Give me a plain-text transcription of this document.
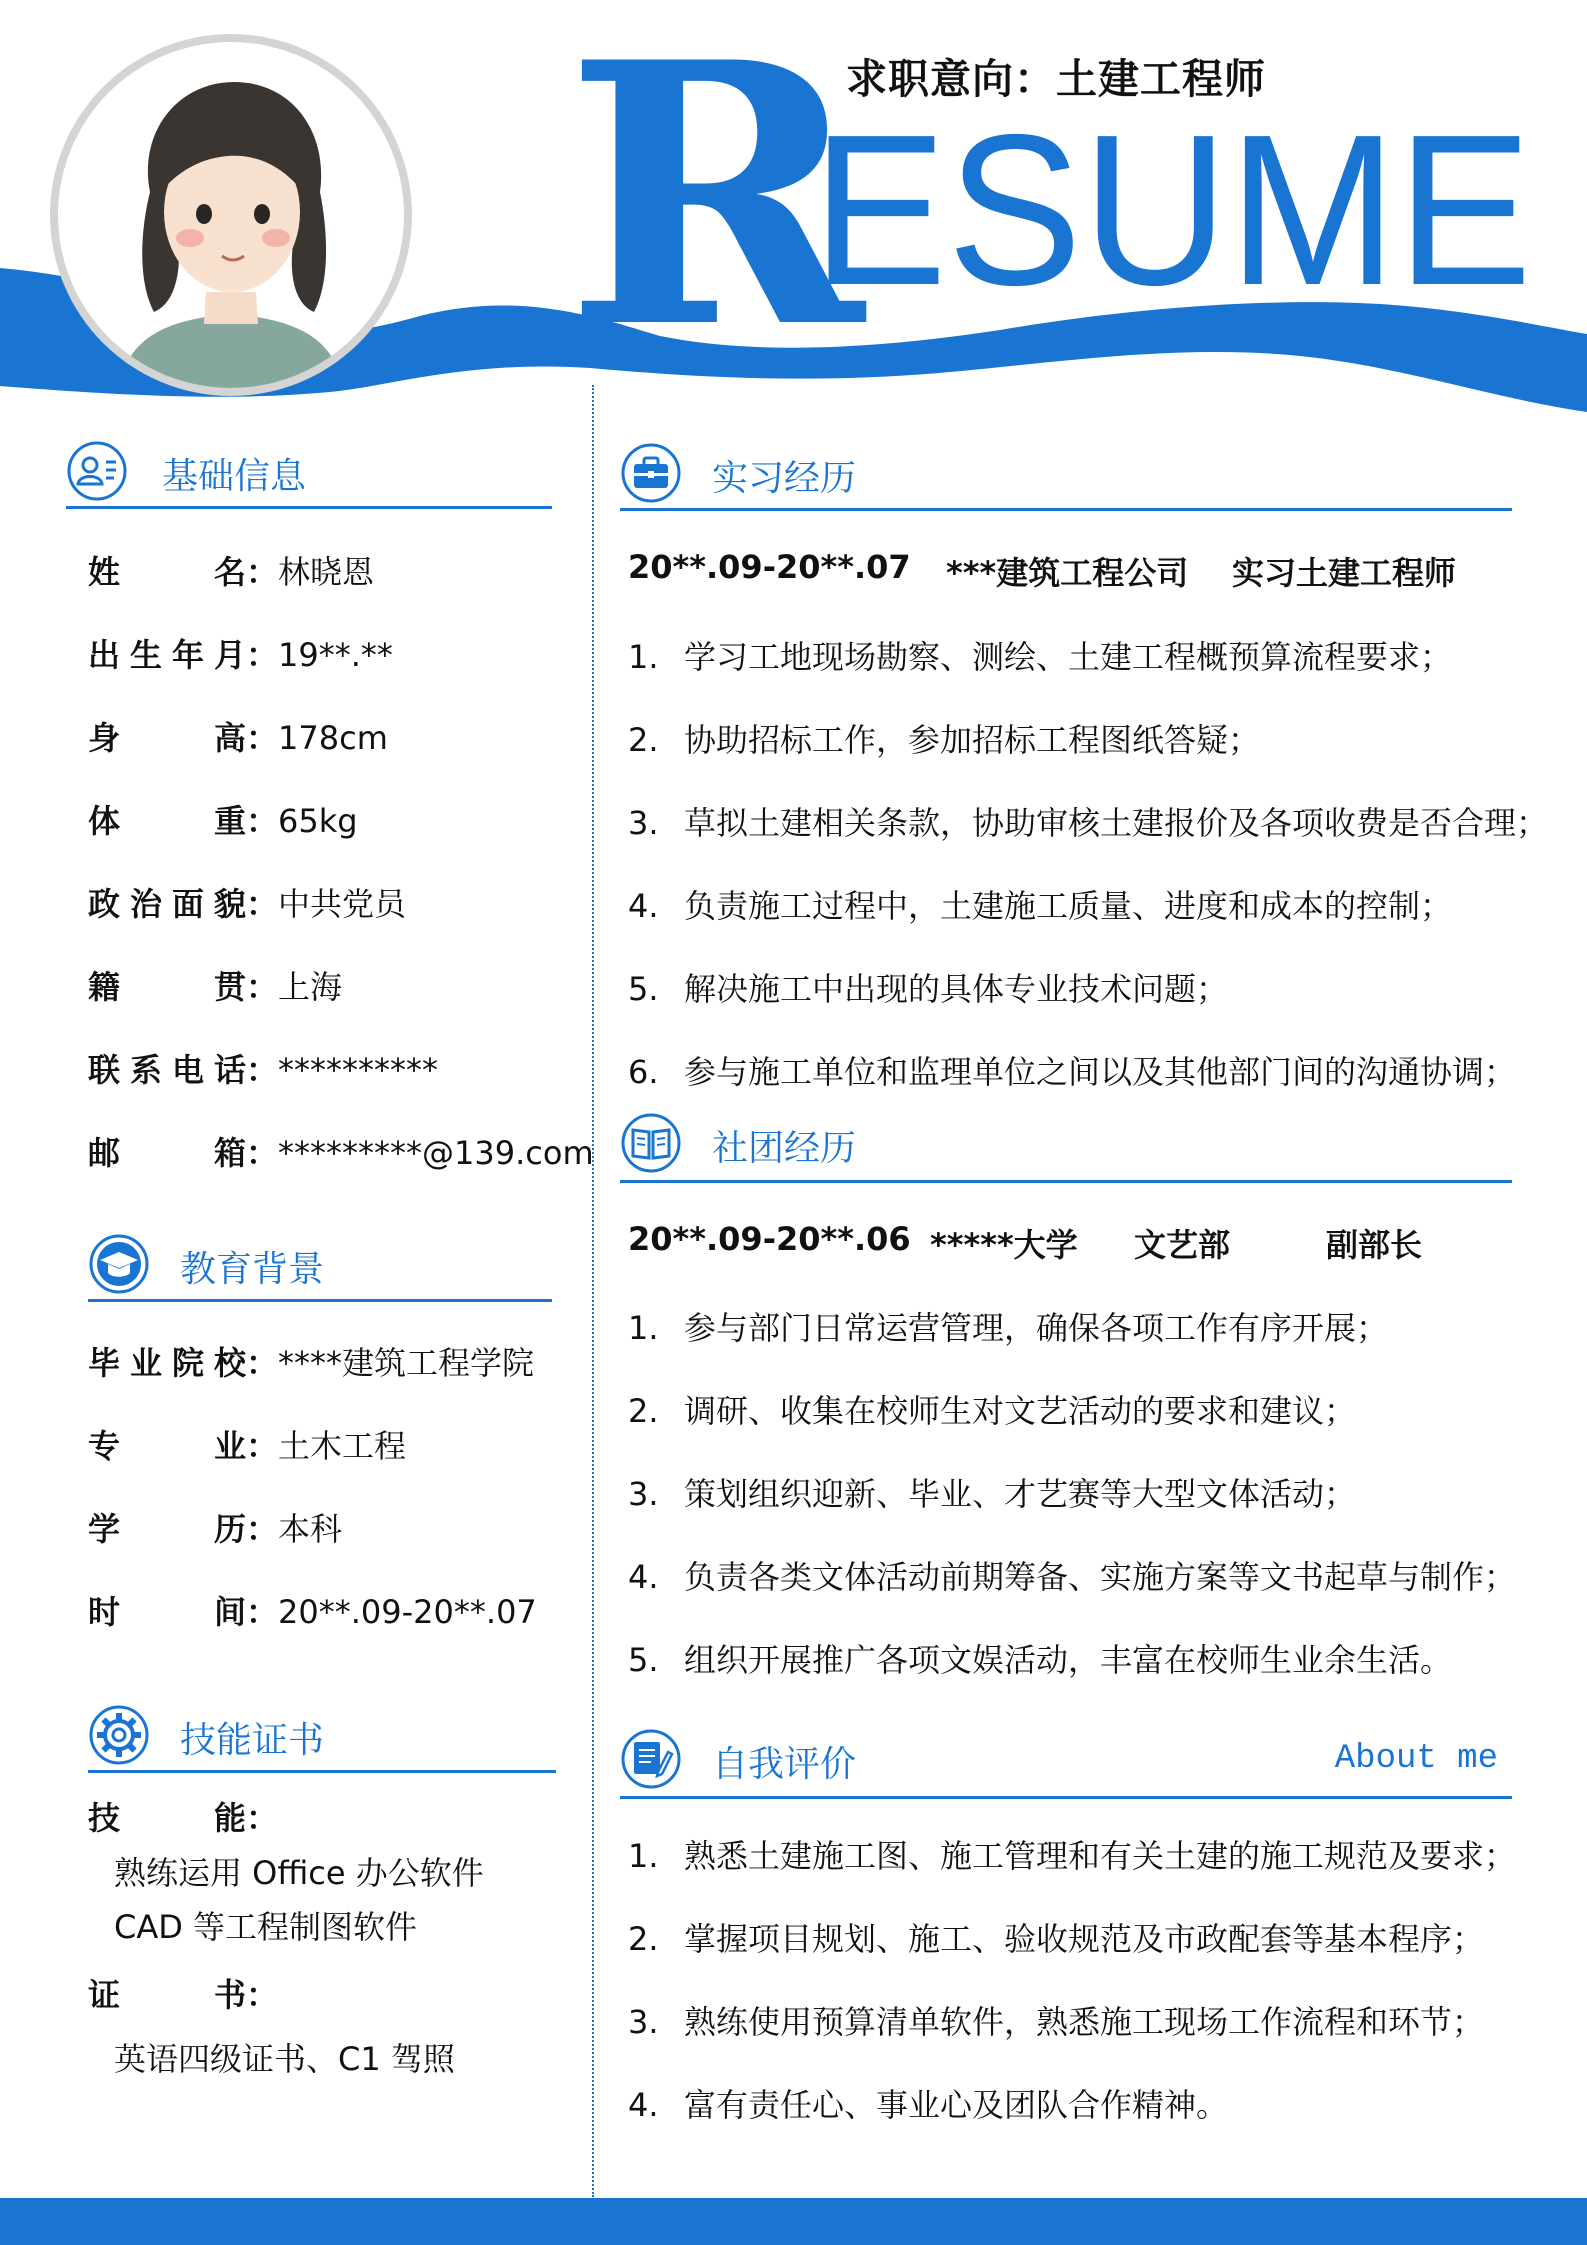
R
ESUME
求职意向：土建工程师
基础信息
姓名：林晓恩
出生年月：19**.**
身高：178cm
体重：65kg
政治面貌：中共党员
籍贯：上海
联系电话：**********
邮箱：*********@139.com
教育背景
毕业院校：****建筑工程学院
专业：土木工程
学历：本科
时间：20**.09-20**.07
技能证书
技能：
熟练运用 Office 办公软件
CAD 等工程制图软件
证书：
英语四级证书、C1 驾照
实习经历
20**.09-20**.07 ***建筑工程公司 实习土建工程师
1. 学习工地现场勘察、测绘、土建工程概预算流程要求；
2. 协助招标工作，参加招标工程图纸答疑；
3. 草拟土建相关条款，协助审核土建报价及各项收费是否合理；
4. 负责施工过程中，土建施工质量、进度和成本的控制；
5. 解决施工中出现的具体专业技术问题；
6. 参与施工单位和监理单位之间以及其他部门间的沟通协调；
社团经历
20**.09-20**.06 *****大学 文艺部	副部长
1. 参与部门日常运营管理，确保各项工作有序开展；
2. 调研、收集在校师生对文艺活动的要求和建议；
3. 策划组织迎新、毕业、才艺赛等大型文体活动；
4. 负责各类文体活动前期筹备、实施方案等文书起草与制作；
5. 组织开展推广各项文娱活动，丰富在校师生业余生活。
自我评价	About me
1. 熟悉土建施工图、施工管理和有关土建的施工规范及要求；
2. 掌握项目规划、施工、验收规范及市政配套等基本程序；
3. 熟练使用预算清单软件，熟悉施工现场工作流程和环节；
4. 富有责任心、事业心及团队合作精神。
